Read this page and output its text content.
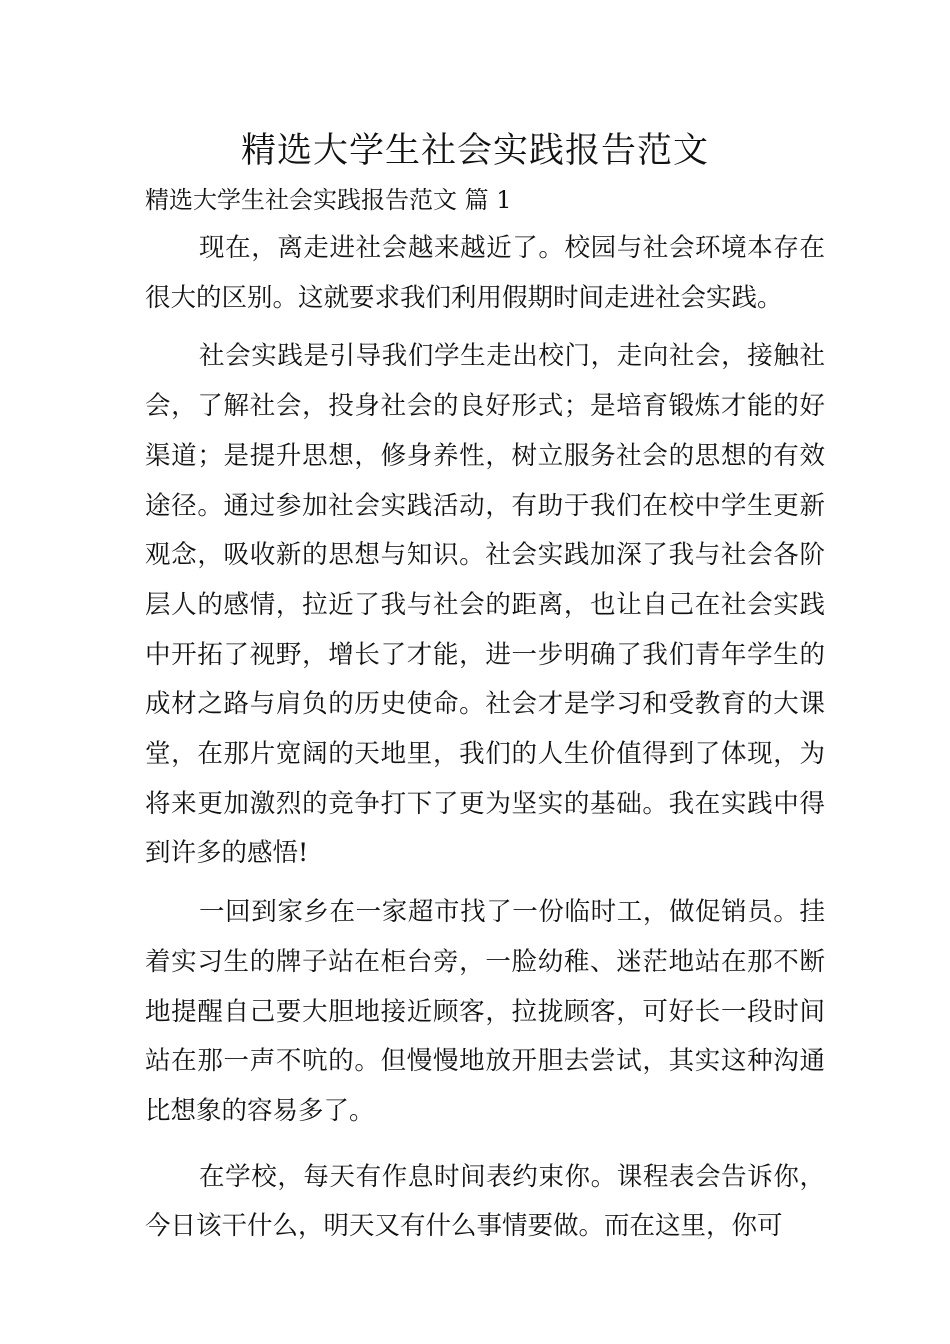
精选大学生社会实践报告范文

精选大学生社会实践报告范文 篇 1

现在，离走进社会越来越近了。校园与社会环境本存在很大的区别。这就要求我们利用假期时间走进社会实践。

社会实践是引导我们学生走出校门，走向社会，接触社会，了解社会，投身社会的良好形式；是培育锻炼才能的好渠道；是提升思想，修身养性，树立服务社会的思想的有效途径。通过参加社会实践活动，有助于我们在校中学生更新观念，吸收新的思想与知识。社会实践加深了我与社会各阶层人的感情，拉近了我与社会的距离，也让自己在社会实践中开拓了视野，增长了才能，进一步明确了我们青年学生的成材之路与肩负的历史使命。社会才是学习和受教育的大课堂，在那片宽阔的天地里，我们的人生价值得到了体现，为将来更加激烈的竞争打下了更为坚实的基础。我在实践中得到许多的感悟!

一回到家乡在一家超市找了一份临时工，做促销员。挂着实习生的牌子站在柜台旁，一脸幼稚、迷茫地站在那不断地提醒自己要大胆地接近顾客，拉拢顾客，可好长一段时间站在那一声不吭的。但慢慢地放开胆去尝试，其实这种沟通比想象的容易多了。

在学校，每天有作息时间表约束你。课程表会告诉你，今日该干什么，明天又有什么事情要做。而在这里，你可
